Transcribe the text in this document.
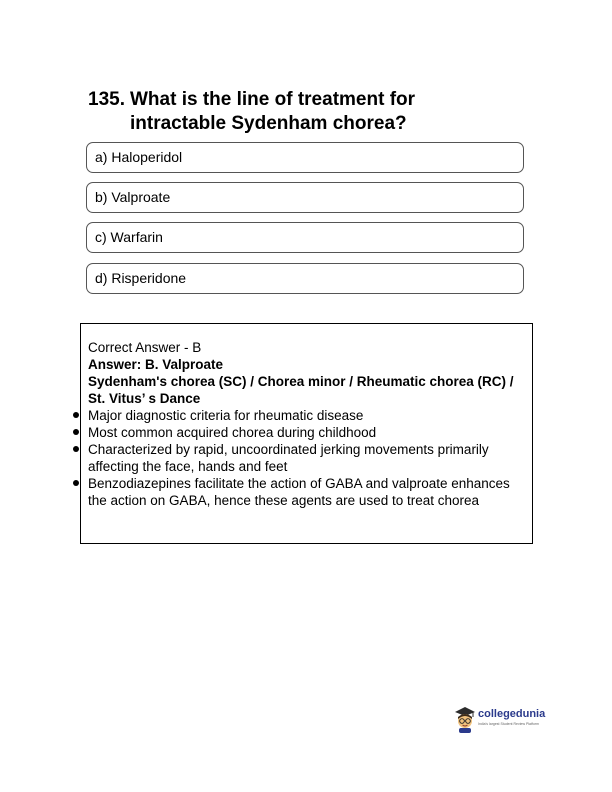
135. What is the line of treatment for
intractable Sydenham chorea?
a) Haloperidol
b) Valproate
c) Warfarin
d) Risperidone
Correct Answer - B
Answer: B. Valproate
Sydenham's chorea (SC) / Chorea minor / Rheumatic chorea (RC) / St. Vitus’ s Dance
Major diagnostic criteria for rheumatic disease
Most common acquired chorea during childhood
Characterized by rapid, uncoordinated jerking movements primarily affecting the face, hands and feet
Benzodiazepines facilitate the action of GABA and valproate enhances the action on GABA, hence these agents are used to treat chorea
collegedunia
India's largest Student Review Platform
